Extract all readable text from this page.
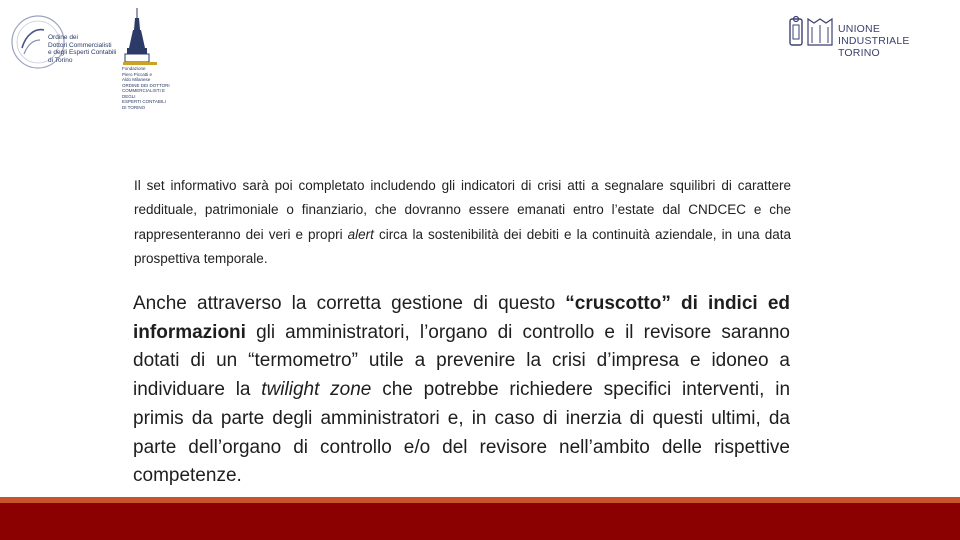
Ordine dei
Dottori Commercialisti
e degli Esperti Contabili
di Torino
Fondazione
Piero Piccatti e
Aldo Milanese
ORDINE DEI DOTTORI
COMMERCIALISTI E DEGLI
ESPERTI CONTABILI
DI TORINO
UNIONE INDUSTRIALE
TORINO

Il set informativo sarà poi completato includendo gli indicatori di crisi atti a segnalare squilibri di carattere reddituale, patrimoniale o finanziario, che dovranno essere emanati entro l’estate dal CNDCEC e che rappresenteranno dei veri e propri alert circa la sostenibilità dei debiti e la continuità aziendale, in una data prospettiva temporale.

Anche attraverso la corretta gestione di questo “cruscotto” di indici ed informazioni gli amministratori, l’organo di controllo e il revisore saranno dotati di un “termometro” utile a prevenire la crisi d’impresa e idoneo a individuare la twilight zone che potrebbe richiedere specifici interventi, in primis da parte degli amministratori e, in caso di inerzia di questi ultimi, da parte dell’organo di controllo e/o del revisore nell’ambito delle rispettive competenze.
